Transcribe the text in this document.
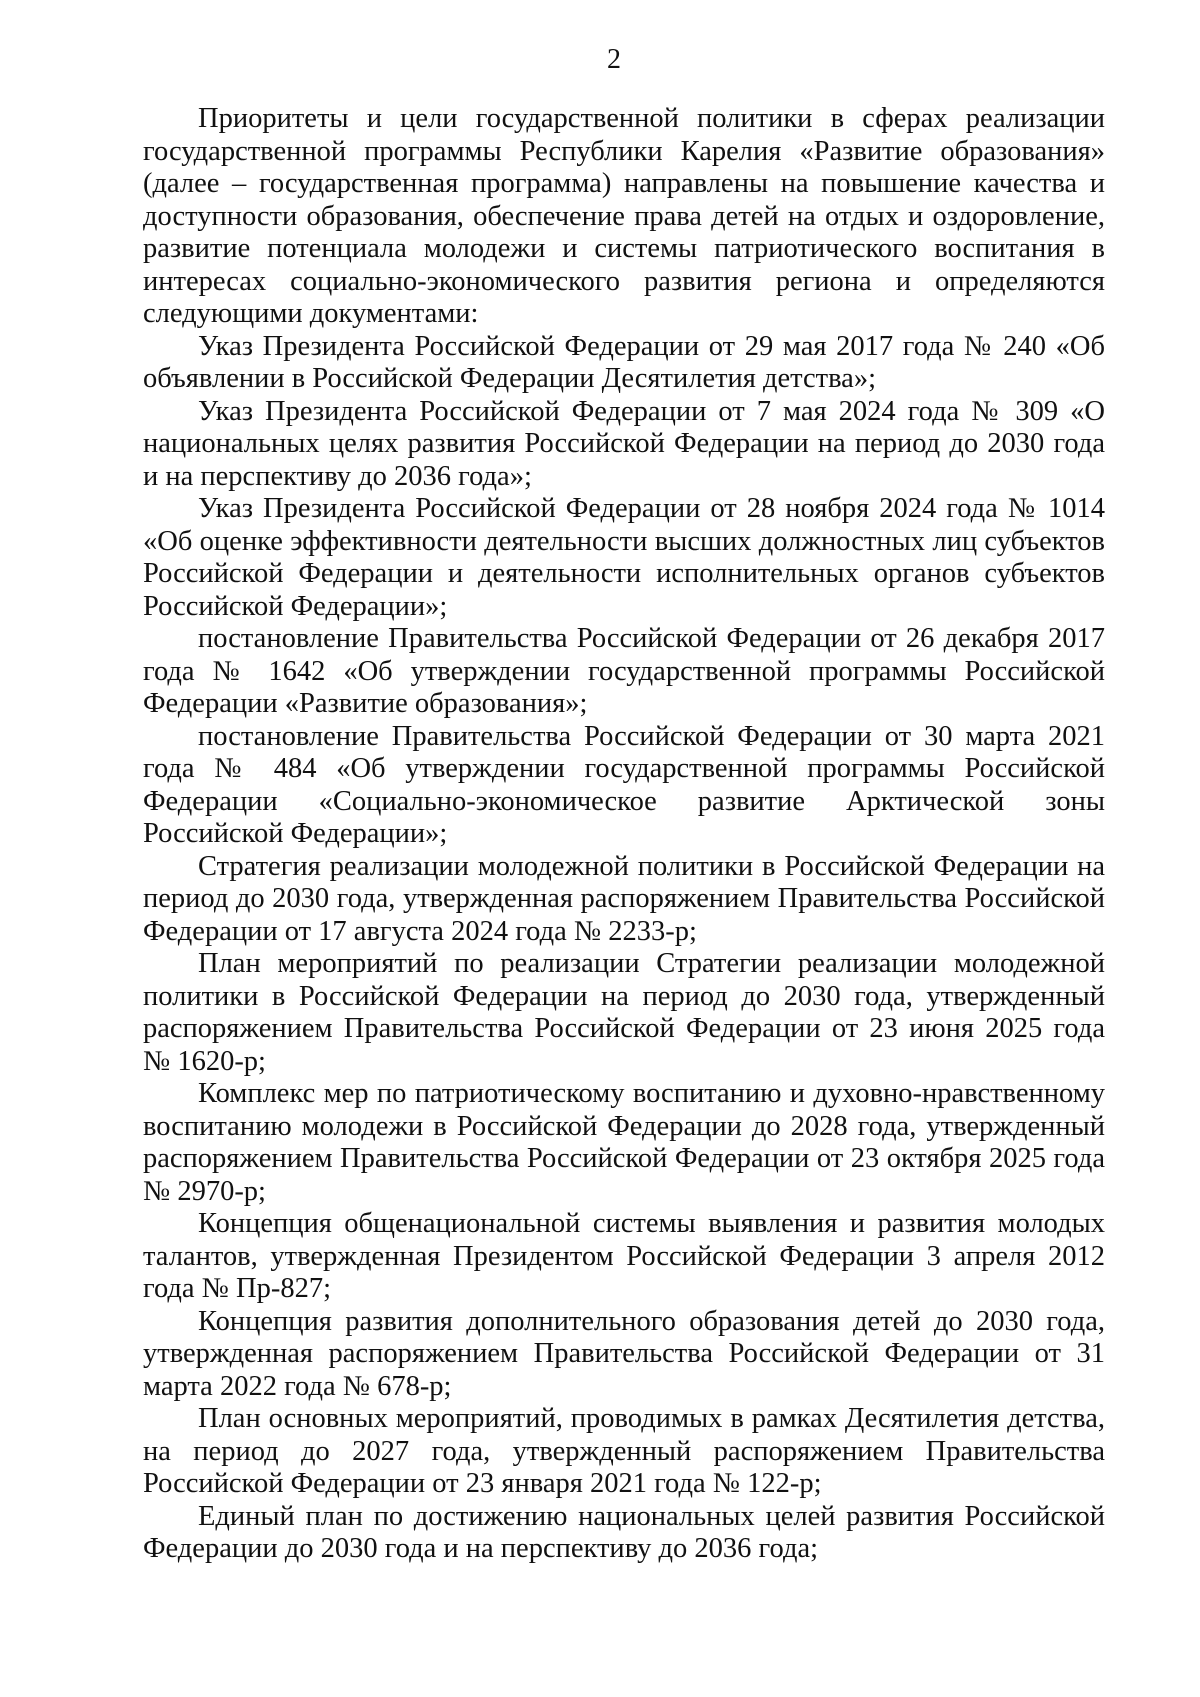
2

Приоритеты и цели государственной политики в сферах реализации государственной программы Республики Карелия «Развитие образования» (далее – государственная программа) направлены на повышение качества и доступности образования, обеспечение права детей на отдых и оздоровление, развитие потенциала молодежи и системы патриотического воспитания в интересах социально-экономического развития региона и определяются следующими документами:

Указ Президента Российской Федерации от 29 мая 2017 года № 240 «Об объявлении в Российской Федерации Десятилетия детства»;

Указ Президента Российской Федерации от 7 мая 2024 года № 309 «О национальных целях развития Российской Федерации на период до 2030 года и на перспективу до 2036 года»;

Указ Президента Российской Федерации от 28 ноября 2024 года № 1014 «Об оценке эффективности деятельности высших должностных лиц субъектов Российской Федерации и деятельности исполнительных органов субъектов Российской Федерации»;

постановление Правительства Российской Федерации от 26 декабря 2017 года № 1642 «Об утверждении государственной программы Российской Федерации «Развитие образования»;

постановление Правительства Российской Федерации от 30 марта 2021 года № 484 «Об утверждении государственной программы Российской Федерации «Социально-экономическое развитие Арктической зоны Российской Федерации»;

Стратегия реализации молодежной политики в Российской Федерации на период до 2030 года, утвержденная распоряжением Правительства Российской Федерации от 17 августа 2024 года № 2233-р;

План мероприятий по реализации Стратегии реализации молодежной политики в Российской Федерации на период до 2030 года, утвержденный распоряжением Правительства Российской Федерации от 23 июня 2025 года № 1620-р;

Комплекс мер по патриотическому воспитанию и духовно-нравственному воспитанию молодежи в Российской Федерации до 2028 года, утвержденный распоряжением Правительства Российской Федерации от 23 октября 2025 года № 2970-р;

Концепция общенациональной системы выявления и развития молодых талантов, утвержденная Президентом Российской Федерации 3 апреля 2012 года № Пр-827;

Концепция развития дополнительного образования детей до 2030 года, утвержденная распоряжением Правительства Российской Федерации от 31 марта 2022 года № 678-р;

План основных мероприятий, проводимых в рамках Десятилетия детства, на период до 2027 года, утвержденный распоряжением Правительства Российской Федерации от 23 января 2021 года № 122-р;

Единый план по достижению национальных целей развития Российской Федерации до 2030 года и на перспективу до 2036 года;
